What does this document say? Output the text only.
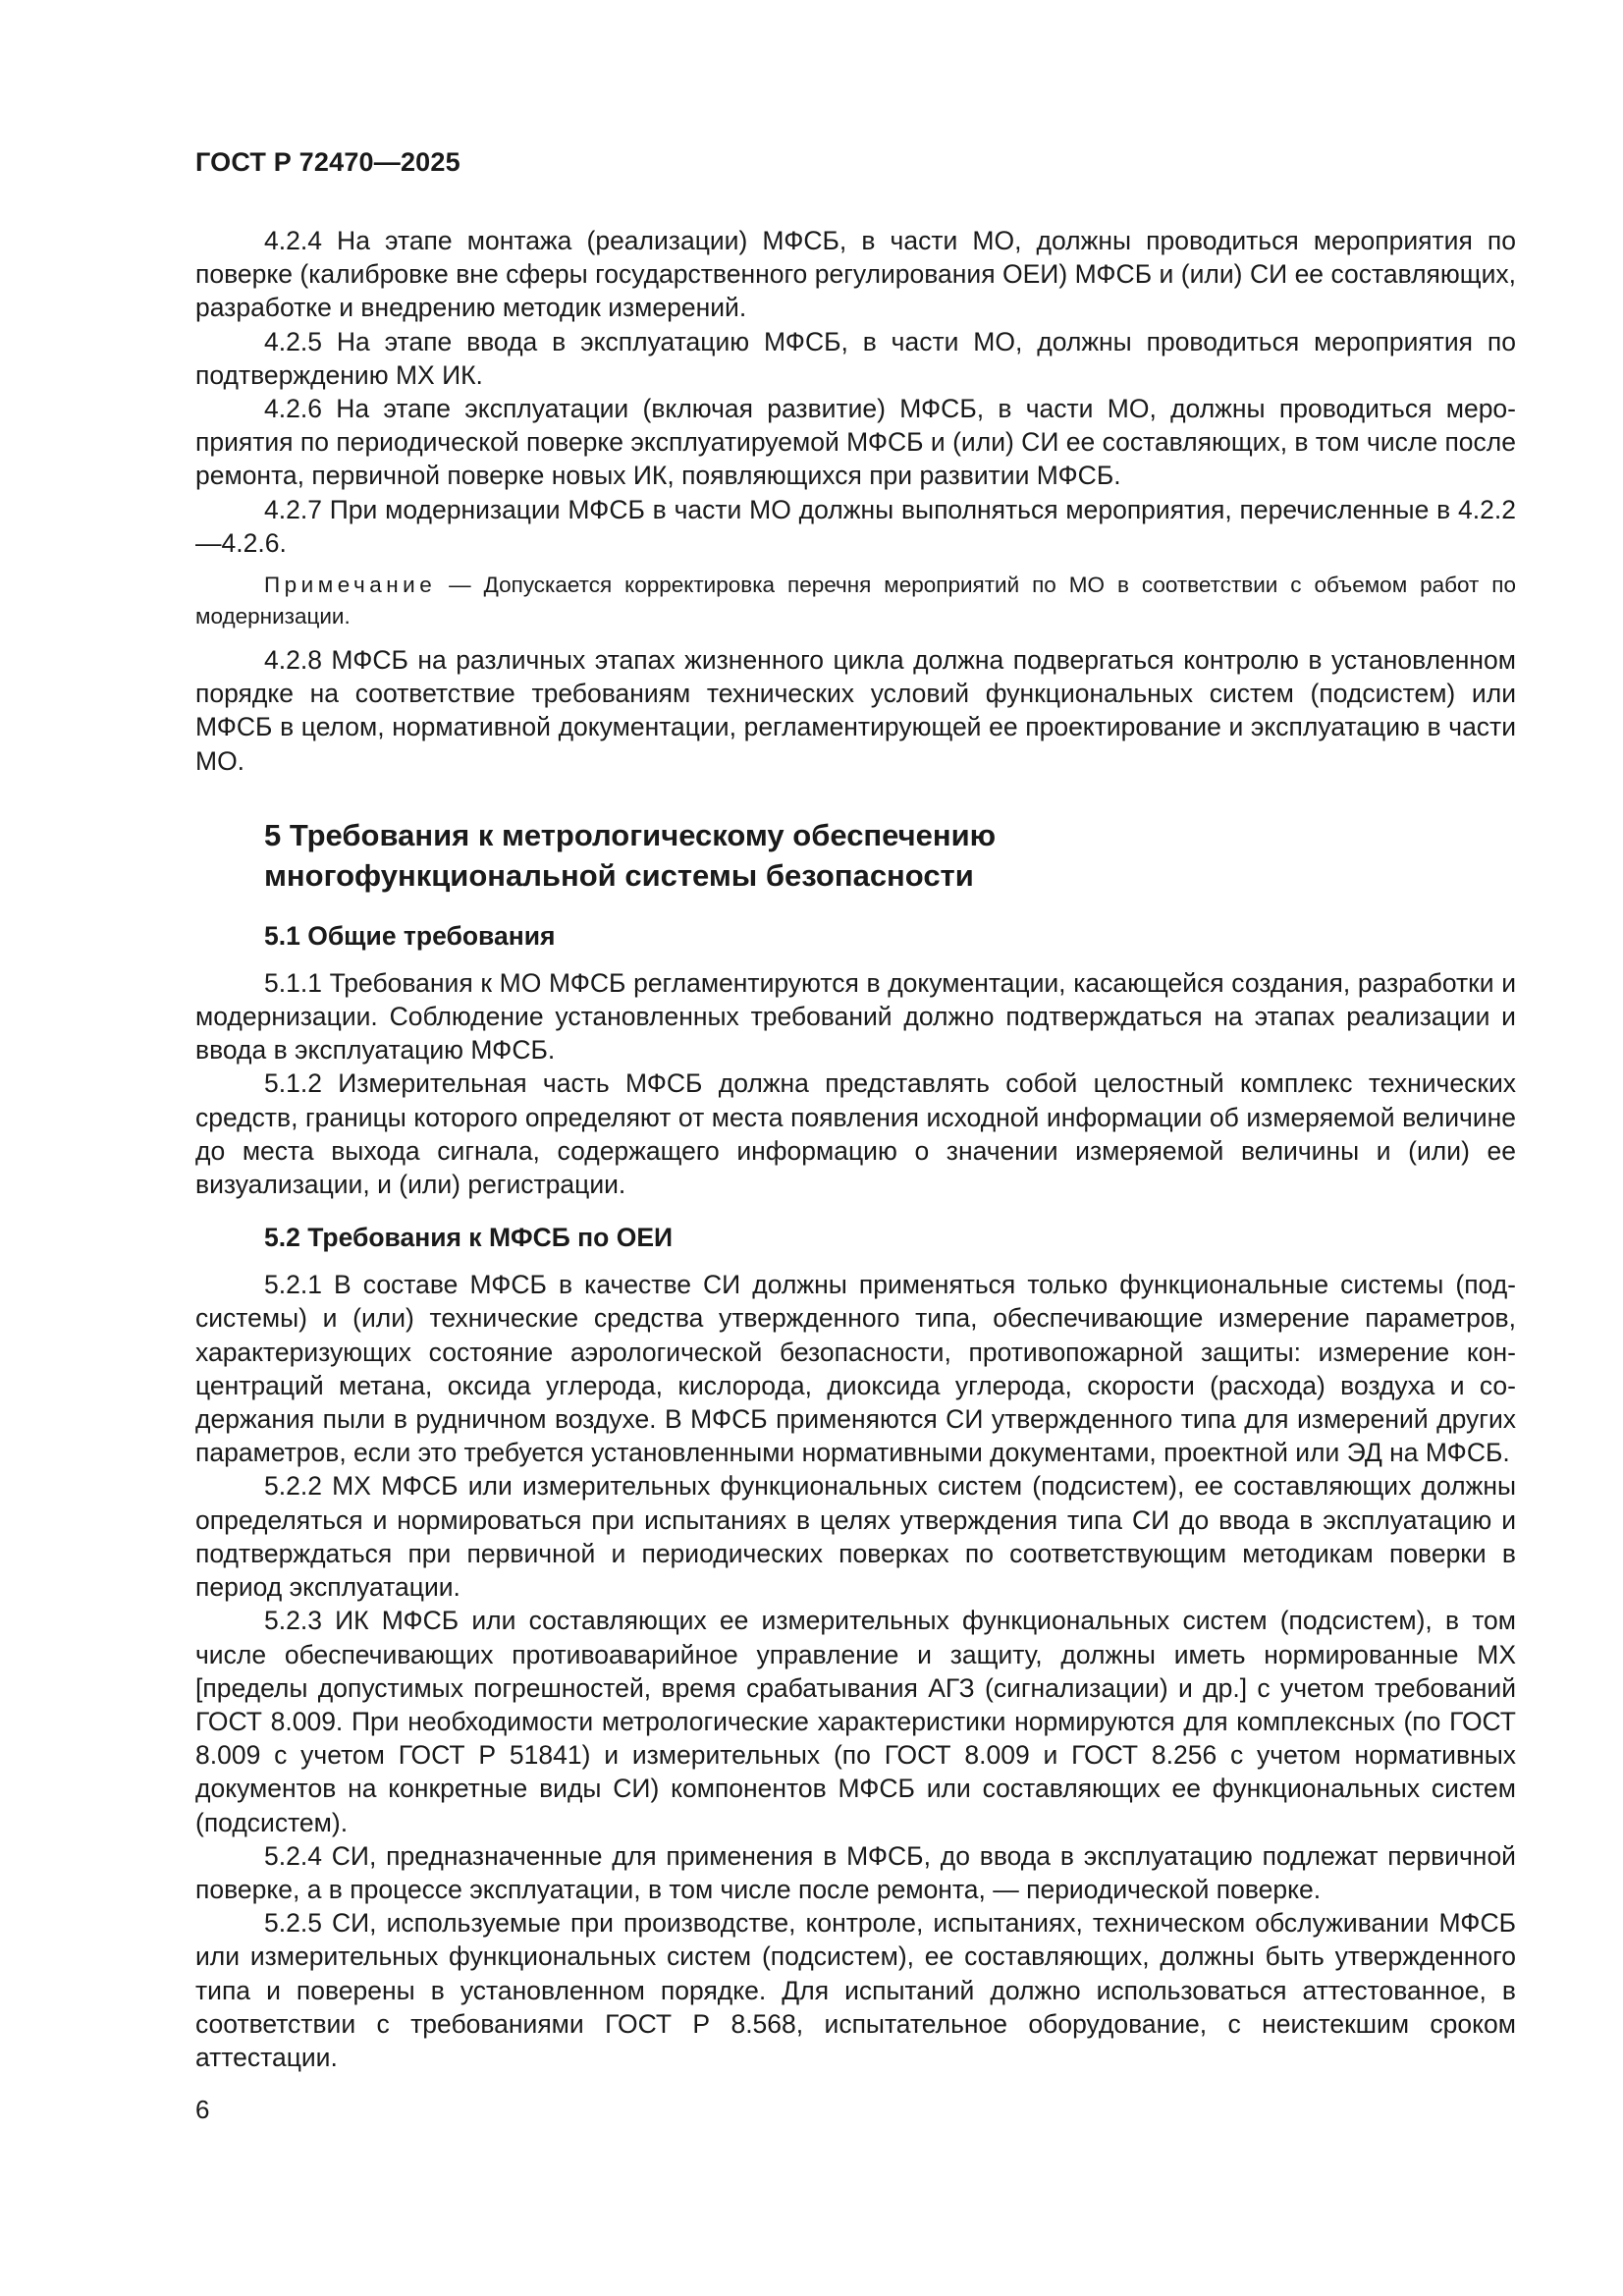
ГОСТ Р 72470—2025

4.2.4 На этапе монтажа (реализации) МФСБ, в части МО, должны проводиться мероприятия по поверке (калибровке вне сферы государственного регулирования ОЕИ) МФСБ и (или) СИ ее составляющих, разработке и внедрению методик измерений.

4.2.5 На этапе ввода в эксплуатацию МФСБ, в части МО, должны проводиться мероприятия по подтверждению МХ ИК.

4.2.6 На этапе эксплуатации (включая развитие) МФСБ, в части МО, должны проводиться мероприятия по периодической поверке эксплуатируемой МФСБ и (или) СИ ее составляющих, в том числе после ремонта, первичной поверке новых ИК, появляющихся при развитии МФСБ.

4.2.7 При модернизации МФСБ в части МО должны выполняться мероприятия, перечисленные в 4.2.2—4.2.6.

Примечание — Допускается корректировка перечня мероприятий по МО в соответствии с объемом работ по модернизации.

4.2.8 МФСБ на различных этапах жизненного цикла должна подвергаться контролю в установленном порядке на соответствие требованиям технических условий функциональных систем (подсистем) или МФСБ в целом, нормативной документации, регламентирующей ее проектирование и эксплуатацию в части МО.

5 Требования к метрологическому обеспечению
многофункциональной системы безопасности
5.1 Общие требования

5.1.1 Требования к МО МФСБ регламентируются в документации, касающейся создания, разработки и модернизации. Соблюдение установленных требований должно подтверждаться на этапах реализации и ввода в эксплуатацию МФСБ.

5.1.2 Измерительная часть МФСБ должна представлять собой целостный комплекс технических средств, границы которого определяют от места появления исходной информации об измеряемой величине до места выхода сигнала, содержащего информацию о значении измеряемой величины и (или) ее визуализации, и (или) регистрации.

5.2 Требования к МФСБ по ОЕИ

5.2.1 В составе МФСБ в качестве СИ должны применяться только функциональные системы (подсистемы) и (или) технические средства утвержденного типа, обеспечивающие измерение параметров, характеризующих состояние аэрологической безопасности, противопожарной защиты: измерение концентраций метана, оксида углерода, кислорода, диоксида углерода, скорости (расхода) воздуха и содержания пыли в рудничном воздухе. В МФСБ применяются СИ утвержденного типа для измерений других параметров, если это требуется установленными нормативными документами, проектной или ЭД на МФСБ.

5.2.2 МХ МФСБ или измерительных функциональных систем (подсистем), ее составляющих должны определяться и нормироваться при испытаниях в целях утверждения типа СИ до ввода в эксплуатацию и подтверждаться при первичной и периодических поверках по соответствующим методикам поверки в период эксплуатации.

5.2.3 ИК МФСБ или составляющих ее измерительных функциональных систем (подсистем), в том числе обеспечивающих противоаварийное управление и защиту, должны иметь нормированные МХ [пределы допустимых погрешностей, время срабатывания АГЗ (сигнализации) и др.] с учетом требований ГОСТ 8.009. При необходимости метрологические характеристики нормируются для комплексных (по ГОСТ 8.009 с учетом ГОСТ Р 51841) и измерительных (по ГОСТ 8.009 и ГОСТ 8.256 с учетом нормативных документов на конкретные виды СИ) компонентов МФСБ или составляющих ее функциональных систем (подсистем).

5.2.4 СИ, предназначенные для применения в МФСБ, до ввода в эксплуатацию подлежат первичной поверке, а в процессе эксплуатации, в том числе после ремонта, — периодической поверке.

5.2.5 СИ, используемые при производстве, контроле, испытаниях, техническом обслуживании МФСБ или измерительных функциональных систем (подсистем), ее составляющих, должны быть утвержденного типа и поверены в установленном порядке. Для испытаний должно использоваться аттестованное, в соответствии с требованиями ГОСТ Р 8.568, испытательное оборудование, с неистекшим сроком аттестации.

6
